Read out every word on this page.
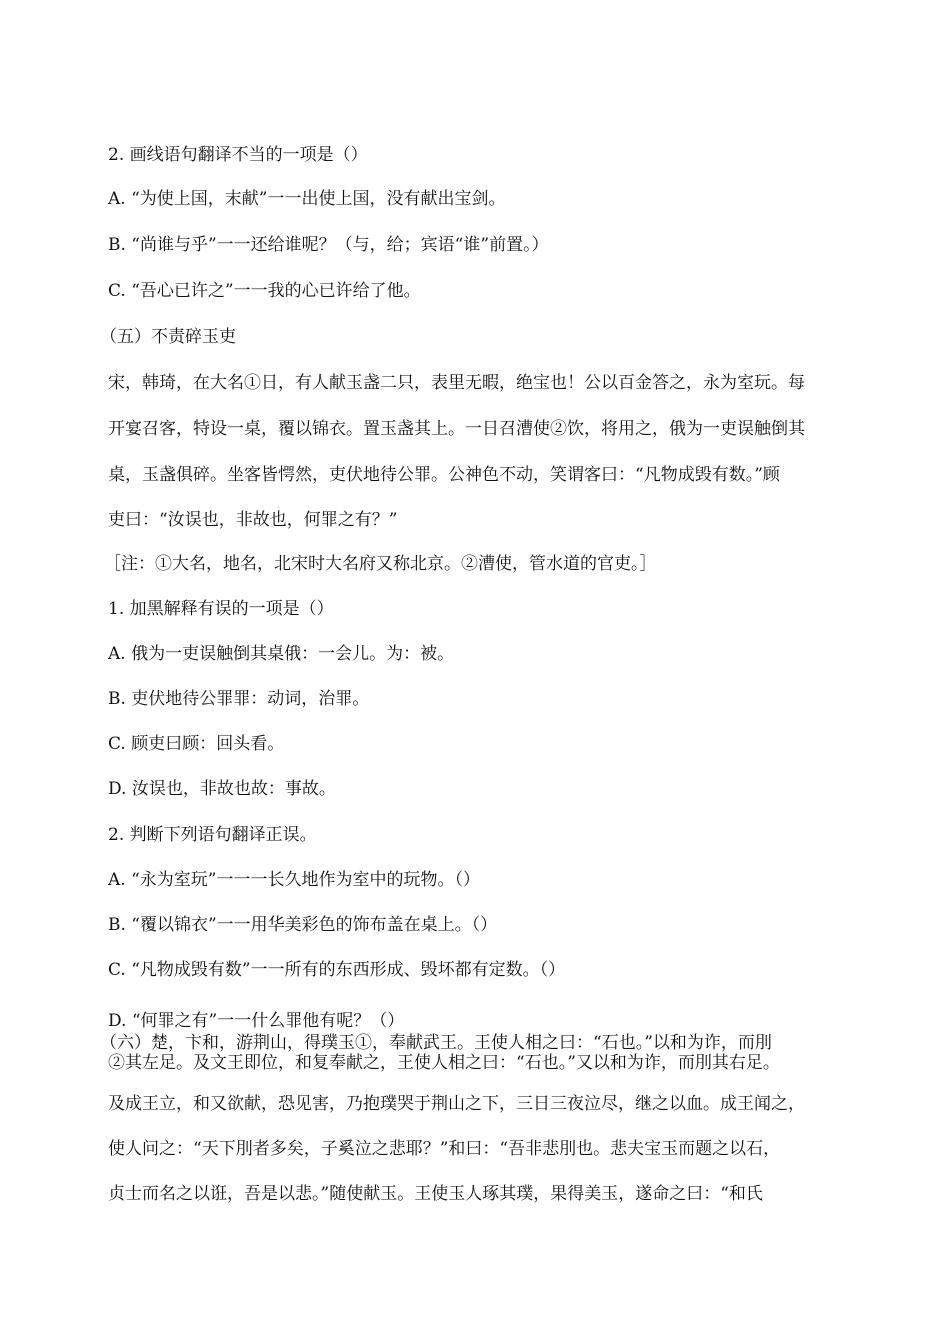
2. 画线语句翻译不当的一项是（）
A. “为使上国，末献”一一出使上国，没有献出宝剑。
B. “尚谁与乎”一一还给谁呢？（与，给；宾语“谁”前置。）
C. “吾心已许之”一一我的心已许给了他。
（五）不责碎玉吏
宋，韩琦，在大名①日，有人献玉盏二只，表里无暇，绝宝也！公以百金答之，永为室玩。每
开宴召客，特设一桌，覆以锦衣。置玉盏其上。一日召漕使②饮，将用之，俄为一吏误触倒其
桌，玉盏俱碎。坐客皆愕然，吏伏地待公罪。公神色不动，笑谓客曰：“凡物成毁有数。”顾
吏曰：“汝误也，非故也，何罪之有？”
［注：①大名，地名，北宋时大名府又称北京。②漕使，管水道的官吏。］
1. 加黑解释有误的一项是（）
A. 俄为一吏误触倒其桌俄：一会儿。为：被。
B. 吏伏地待公罪罪：动词，治罪。
C. 顾吏曰顾：回头看。
D. 汝误也，非故也故：事故。
2. 判断下列语句翻译正误。
A. “永为室玩”一一一长久地作为室中的玩物。（）
B. “覆以锦衣”一一用华美彩色的饰布盖在桌上。（）
C. “凡物成毁有数”一一所有的东西形成、毁坏都有定数。（）
D. “何罪之有”一一什么罪他有呢？（）
（六）楚，卞和，游荆山，得璞玉①，奉献武王。王使人相之曰：“石也。”以和为诈，而刖
②其左足。及文王即位，和复奉献之，王使人相之曰：“石也。”又以和为诈，而刖其右足。
及成王立，和又欲献，恐见害，乃抱璞哭于荆山之下，三日三夜泣尽，继之以血。成王闻之，
使人问之：“天下刖者多矣，子奚泣之悲耶？”和曰：“吾非悲刖也。悲夫宝玉而题之以石，
贞士而名之以诳，吾是以悲。”随使献玉。王使玉人琢其璞，果得美玉，遂命之曰：“和氏
